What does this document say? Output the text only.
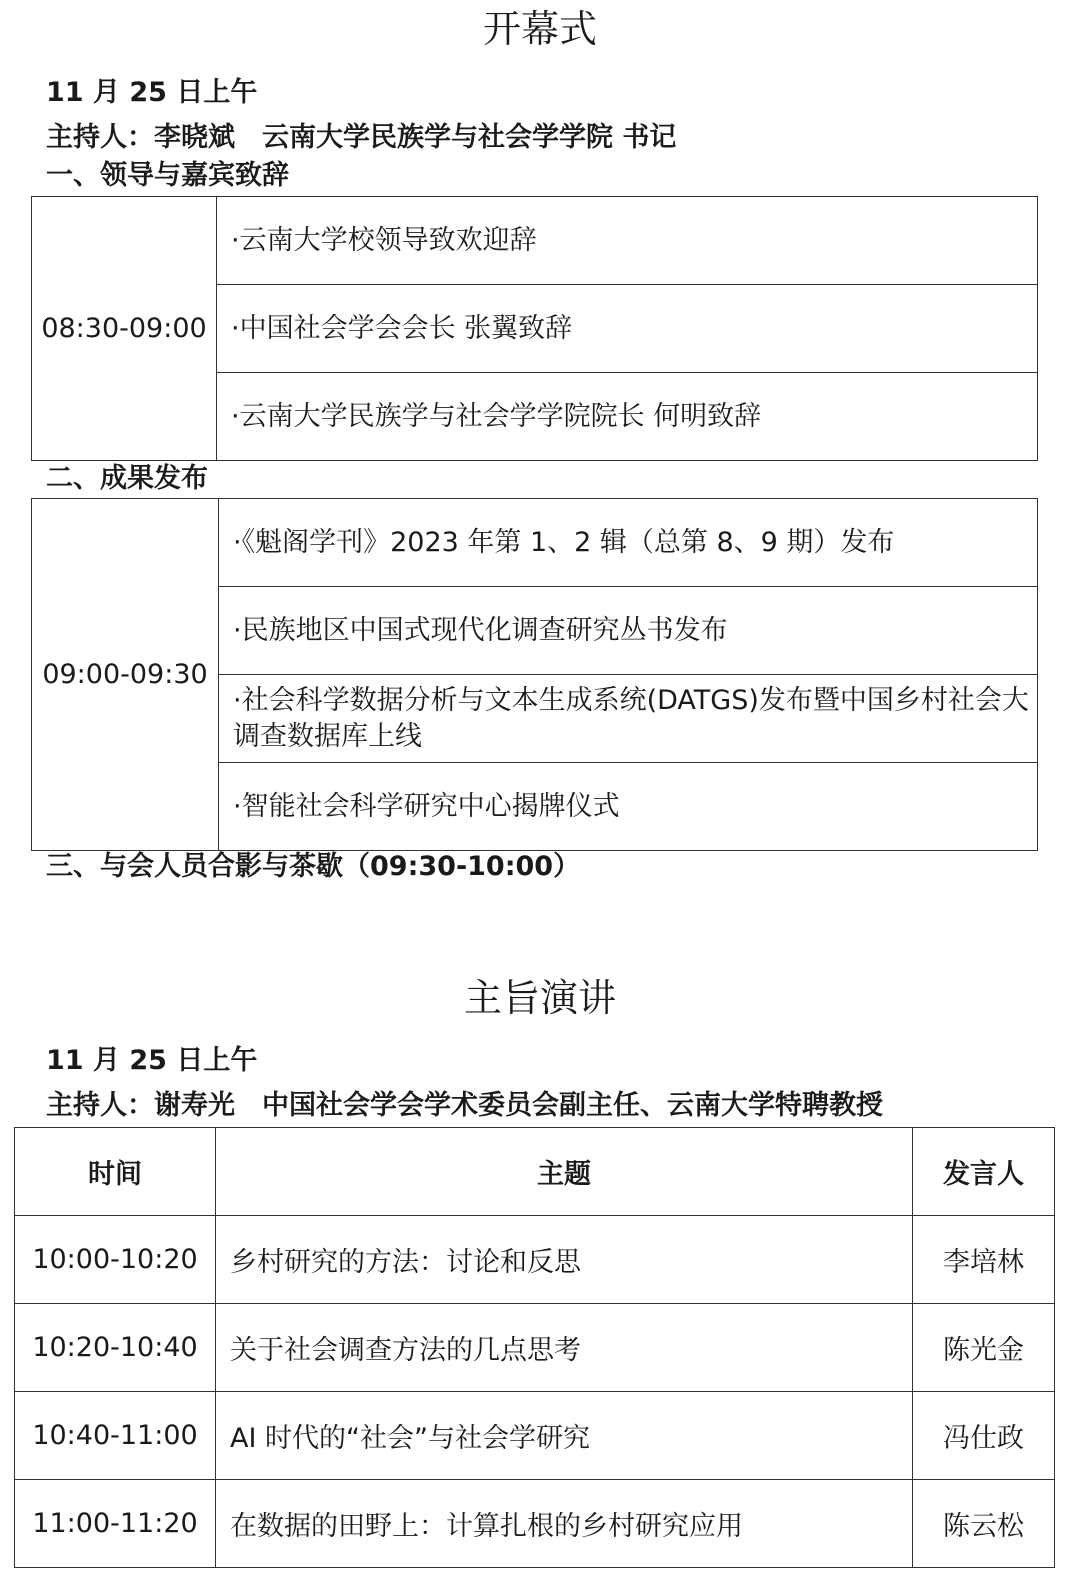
开幕式
11 月 25 日上午
主持人：李晓斌　云南大学民族学与社会学学院 书记
一、领导与嘉宾致辞
08:30-09:00	·云南大学校领导致欢迎辞
·中国社会学会会长 张翼致辞
·云南大学民族学与社会学学院院长 何明致辞
二、成果发布
09:00-09:30	·《魁阁学刊》2023 年第 1、2 辑（总第 8、9 期）发布
·民族地区中国式现代化调查研究丛书发布
·社会科学数据分析与文本生成系统(DATGS)发布暨中国乡村社会大调查数据库上线
·智能社会科学研究中心揭牌仪式
三、与会人员合影与茶歇（09:30-10:00）
主旨演讲
11 月 25 日上午
主持人：谢寿光　中国社会学会学术委员会副主任、云南大学特聘教授
时间	主题	发言人
10:00-10:20	乡村研究的方法：讨论和反思	李培林
10:20-10:40	关于社会调查方法的几点思考	陈光金
10:40-11:00	AI 时代的“社会”与社会学研究	冯仕政
11:00-11:20	在数据的田野上：计算扎根的乡村研究应用	陈云松
